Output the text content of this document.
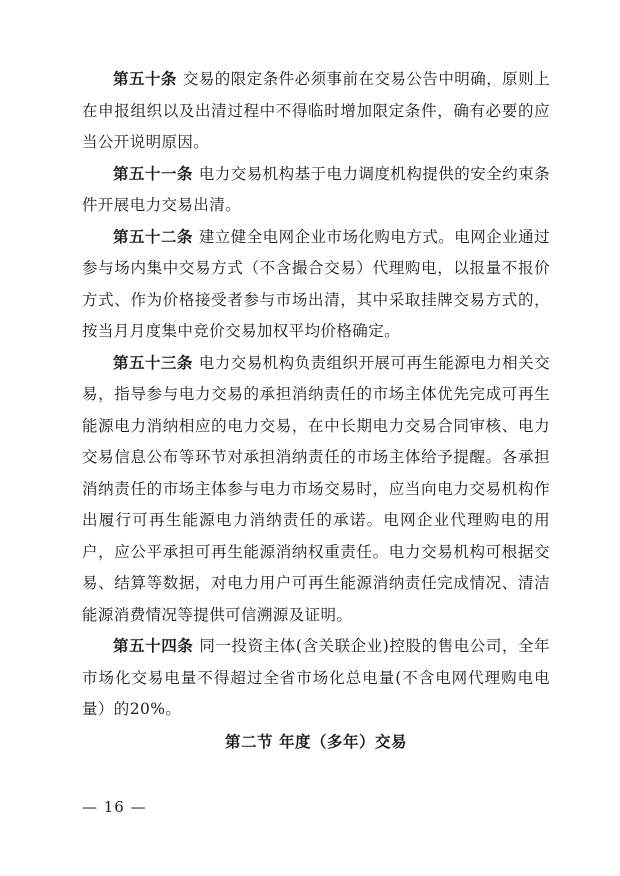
第五十条 交易的限定条件必须事前在交易公告中明确，原则上在申报组织以及出清过程中不得临时增加限定条件，确有必要的应当公开说明原因。

第五十一条 电力交易机构基于电力调度机构提供的安全约束条件开展电力交易出清。

第五十二条 建立健全电网企业市场化购电方式。电网企业通过参与场内集中交易方式（不含撮合交易）代理购电，以报量不报价方式、作为价格接受者参与市场出清，其中采取挂牌交易方式的，按当月月度集中竞价交易加权平均价格确定。

第五十三条 电力交易机构负责组织开展可再生能源电力相关交易，指导参与电力交易的承担消纳责任的市场主体优先完成可再生能源电力消纳相应的电力交易，在中长期电力交易合同审核、电力交易信息公布等环节对承担消纳责任的市场主体给予提醒。各承担消纳责任的市场主体参与电力市场交易时，应当向电力交易机构作出履行可再生能源电力消纳责任的承诺。电网企业代理购电的用户，应公平承担可再生能源消纳权重责任。电力交易机构可根据交易、结算等数据，对电力用户可再生能源消纳责任完成情况、清洁能源消费情况等提供可信溯源及证明。

第五十四条 同一投资主体(含关联企业)控股的售电公司，全年市场化交易电量不得超过全省市场化总电量(不含电网代理购电电量）的20%。

第二节 年度（多年）交易
— 16 —
